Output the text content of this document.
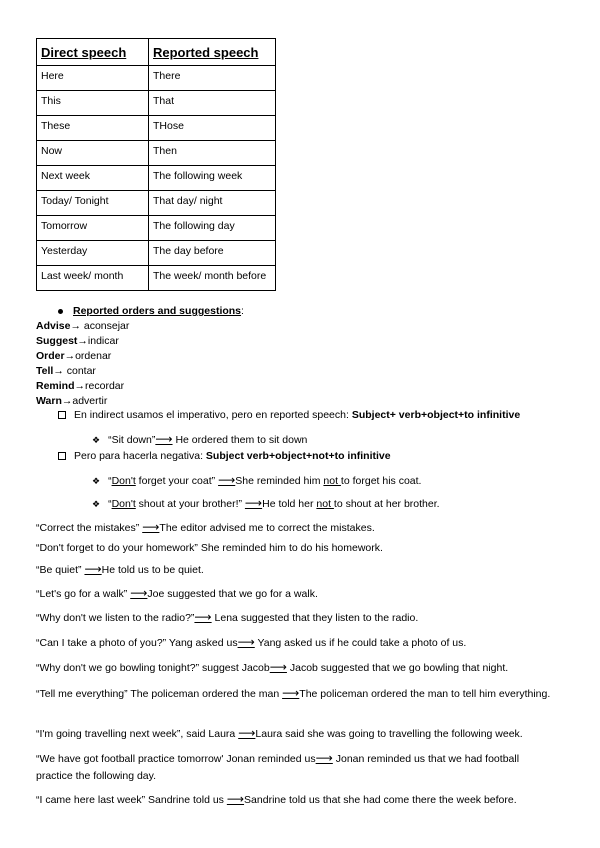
Direct speech	Reported speech
Here	There
This	That
These	THose
Now	Then
Next week	The following week
Today/ Tonight	That day/ night
Tomorrow	The following day
Yesterday	The day before
Last week/ month	The week/ month before
Reported orders and suggestions:
Advise→ aconsejar
Suggest→indicar
Order→ordenar
Tell→ contar
Remind→recordar
Warn→advertir
En indirect usamos el imperativo, pero en reported speech: Subject+ verb+object+to infinitive
❖ “Sit down”⟶ He ordered them to sit down
Pero para hacerla negativa: Subject verb+object+not+to infinitive
❖ “Don't forget your coat” ⟶She reminded him not to forget his coat.
❖ “Don't shout at your brother!” ⟶He told her not to shout at her brother.
“Correct the mistakes” ⟶The editor advised me to correct the mistakes.
“Don't forget to do your homework” She reminded him to do his homework.
“Be quiet” ⟶He told us to be quiet.
“Let's go for a walk” ⟶Joe suggested that we go for a walk.
“Why don't we listen to the radio?”⟶ Lena suggested that they listen to the radio.
“Can I take a photo of you?” Yang asked us⟶ Yang asked us if he could take a photo of us.
“Why don't we go bowling tonight?” suggest Jacob⟶ Jacob suggested that we go bowling that night.
“Tell me everything” The policeman ordered the man ⟶The policeman ordered the man to tell him everything.
“I'm going travelling next week”, said Laura ⟶Laura said she was going to travelling the following week.
“We have got football practice tomorrow' Jonan reminded us⟶ Jonan reminded us that we had football practice the following day.
“I came here last week” Sandrine told us ⟶Sandrine told us that she had come there the week before.
